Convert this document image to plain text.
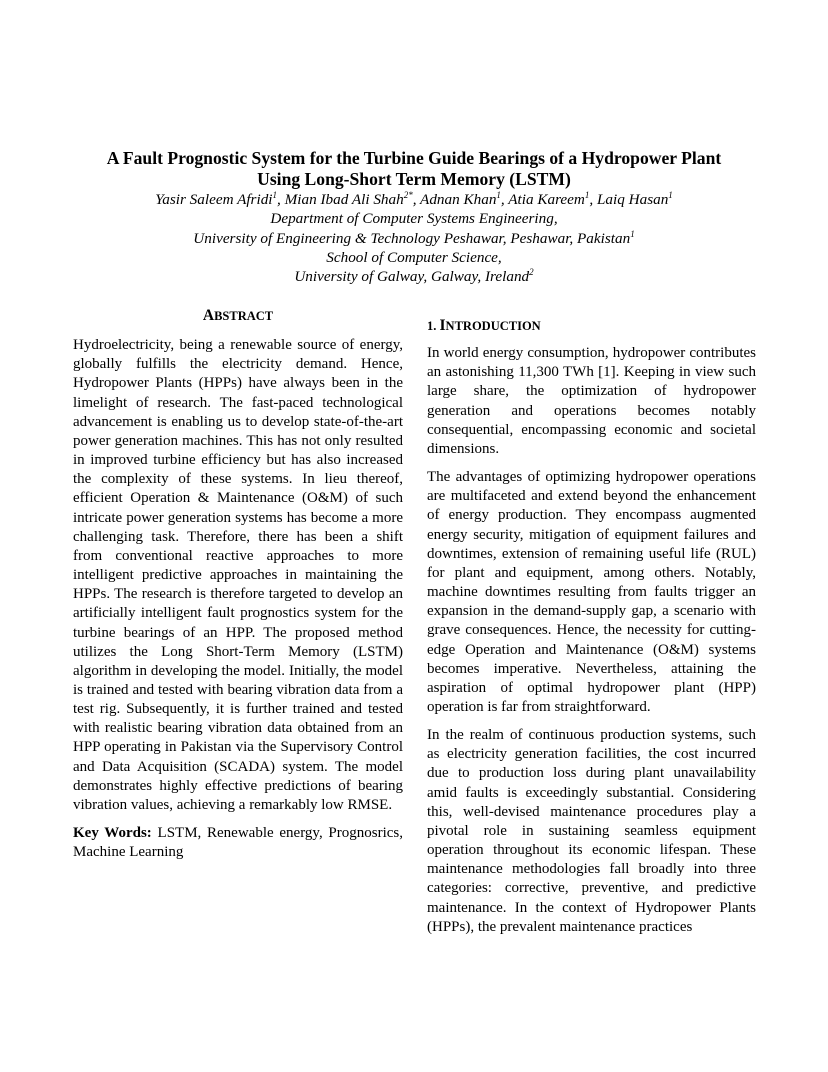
A Fault Prognostic System for the Turbine Guide Bearings of a Hydropower Plant
Using Long-Short Term Memory (LSTM)
Yasir Saleem Afridi$^1$, Mian Ibad Ali Shah$^{2*}$, Adnan Khan$^1$, Atia Kareem$^1$, Laiq Hasan$^1$
Department of Computer Systems Engineering,
University of Engineering & Technology Peshawar, Peshawar, Pakistan$^1$
School of Computer Science,
University of Galway, Galway, Ireland$^2$
ABSTRACT

Hydroelectricity, being a renewable source of energy, globally fulfills the electricity demand. Hence, Hydropower Plants (HPPs) have always been in the limelight of research. The fast-paced technological advancement is enabling us to develop state-of-the-art power generation machines. This has not only resulted in improved turbine efficiency but has also increased the complexity of these systems. In lieu thereof, efficient Operation & Maintenance (O&M) of such intricate power generation systems has become a more challenging task. Therefore, there has been a shift from conventional reactive approaches to more intelligent predictive approaches in maintaining the HPPs. The research is therefore targeted to develop an artificially intelligent fault prognostics system for the turbine bearings of an HPP. The proposed method utilizes the Long Short-Term Memory (LSTM) algorithm in developing the model. Initially, the model is trained and tested with bearing vibration data from a test rig. Subsequently, it is further trained and tested with realistic bearing vibration data obtained from an HPP operating in Pakistan via the Supervisory Control and Data Acquisition (SCADA) system. The model demonstrates highly effective predictions of bearing vibration values, achieving a remarkably low RMSE.

Key Words: LSTM, Renewable energy, Prognosrics, Machine Learning

1. INTRODUCTION

In world energy consumption, hydropower contributes an astonishing 11,300 TWh [1]. Keeping in view such large share, the optimization of hydropower generation and operations becomes notably consequential, encompassing economic and societal dimensions.

The advantages of optimizing hydropower operations are multifaceted and extend beyond the enhancement of energy production. They encompass augmented energy security, mitigation of equipment failures and downtimes, extension of remaining useful life (RUL) for plant and equipment, among others. Notably, machine downtimes resulting from faults trigger an expansion in the demand-supply gap, a scenario with grave consequences. Hence, the necessity for cutting-edge Operation and Maintenance (O&M) systems becomes imperative. Nevertheless, attaining the aspiration of optimal hydropower plant (HPP) operation is far from straightforward.

In the realm of continuous production systems, such as electricity generation facilities, the cost incurred due to production loss during plant unavailability amid faults is exceedingly substantial. Considering this, well-devised maintenance procedures play a pivotal role in sustaining seamless equipment operation throughout its economic lifespan. These maintenance methodologies fall broadly into three categories: corrective, preventive, and predictive maintenance. In the context of Hydropower Plants (HPPs), the prevalent maintenance practices
